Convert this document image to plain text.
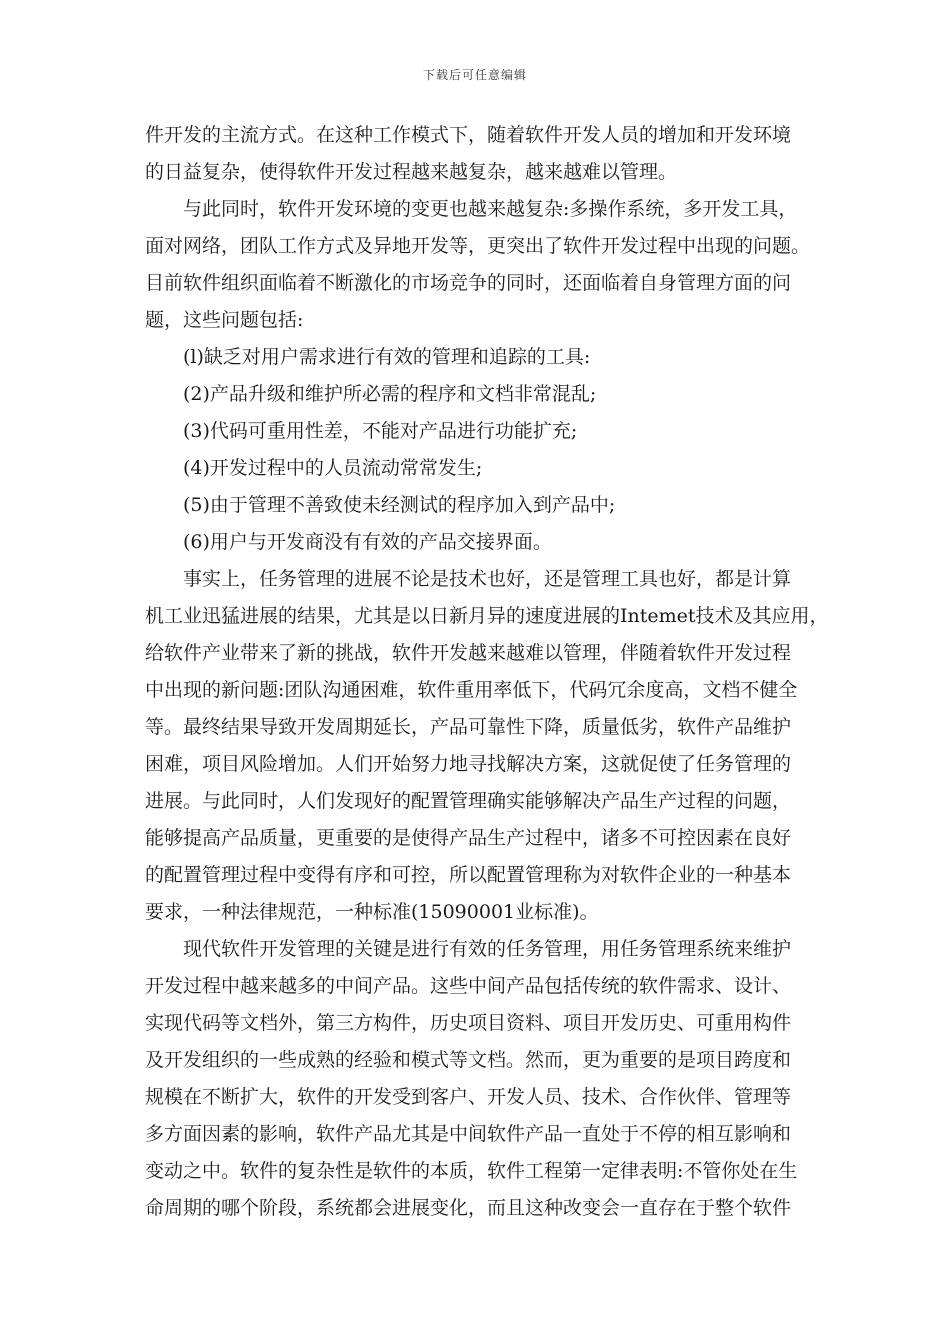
下载后可任意编辑
件开发的主流方式。在这种工作模式下，随着软件开发人员的增加和开发环境
的日益复杂，使得软件开发过程越来越复杂，越来越难以管理。
与此同时，软件开发环境的变更也越来越复杂:多操作系统，多开发工具，
面对网络，团队工作方式及异地开发等，更突出了软件开发过程中出现的问题。
目前软件组织面临着不断激化的市场竞争的同时，还面临着自身管理方面的问
题，这些问题包括:
(l)缺乏对用户需求进行有效的管理和追踪的工具:
(2)产品升级和维护所必需的程序和文档非常混乱;
(3)代码可重用性差，不能对产品进行功能扩充;
(4)开发过程中的人员流动常常发生;
(5)由于管理不善致使未经测试的程序加入到产品中;
(6)用户与开发商没有有效的产品交接界面。
事实上，任务管理的进展不论是技术也好，还是管理工具也好，都是计算
机工业迅猛进展的结果，尤其是以日新月异的速度进展的Intemet技术及其应用，
给软件产业带来了新的挑战，软件开发越来越难以管理，伴随着软件开发过程
中出现的新问题:团队沟通困难，软件重用率低下，代码冗余度高，文档不健全
等。最终结果导致开发周期延长，产品可靠性下降，质量低劣，软件产品维护
困难，项目风险增加。人们开始努力地寻找解决方案，这就促使了任务管理的
进展。与此同时，人们发现好的配置管理确实能够解决产品生产过程的问题，
能够提高产品质量，更重要的是使得产品生产过程中，诸多不可控因素在良好
的配置管理过程中变得有序和可控，所以配置管理称为对软件企业的一种基本
要求，一种法律规范，一种标准(15090001业标准)。
现代软件开发管理的关键是进行有效的任务管理，用任务管理系统来维护
开发过程中越来越多的中间产品。这些中间产品包括传统的软件需求、设计、
实现代码等文档外，第三方构件，历史项目资料、项目开发历史、可重用构件
及开发组织的一些成熟的经验和模式等文档。然而，更为重要的是项目跨度和
规模在不断扩大，软件的开发受到客户、开发人员、技术、合作伙伴、管理等
多方面因素的影响，软件产品尤其是中间软件产品一直处于不停的相互影响和
变动之中。软件的复杂性是软件的本质，软件工程第一定律表明:不管你处在生
命周期的哪个阶段，系统都会进展变化，而且这种改变会一直存在于整个软件
